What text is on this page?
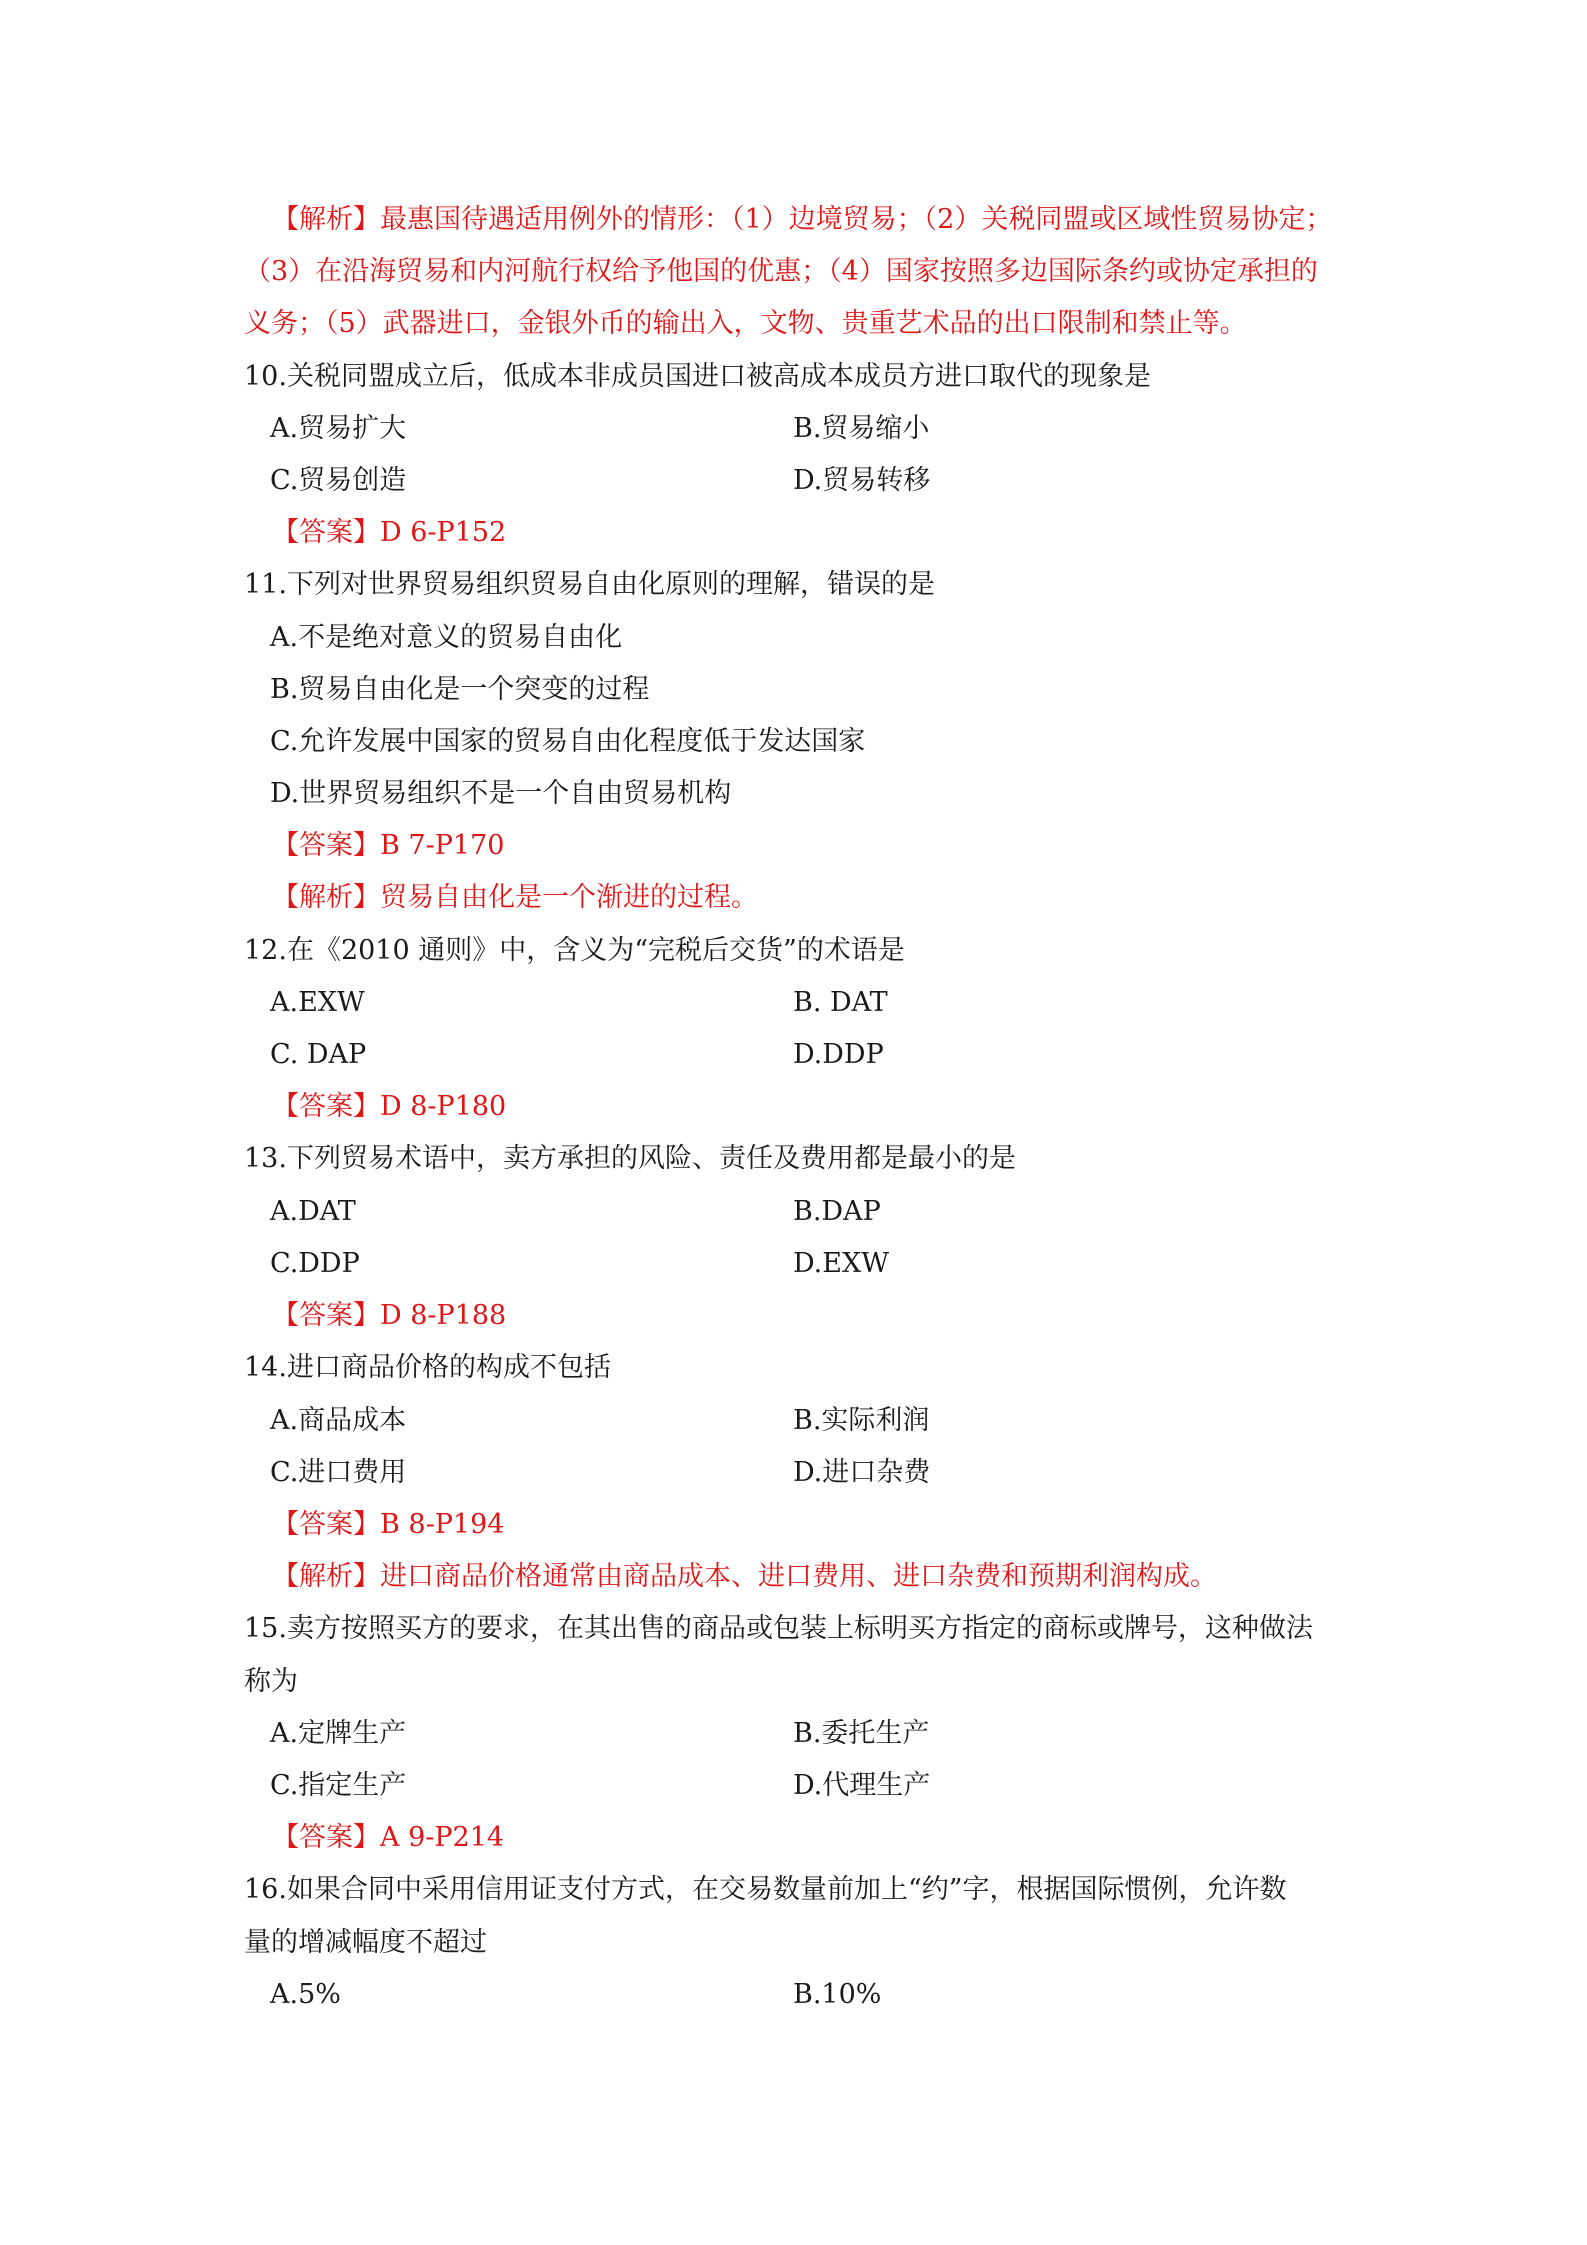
【解析】最惠国待遇适用例外的情形：（1）边境贸易；（2）关税同盟或区域性贸易协定；
（3）在沿海贸易和内河航行权给予他国的优惠；（4）国家按照多边国际条约或协定承担的
义务；（5）武器进口，金银外币的输出入，文物、贵重艺术品的出口限制和禁止等。
10.关税同盟成立后，低成本非成员国进口被高成本成员方进口取代的现象是
A.贸易扩大	B.贸易缩小
C.贸易创造	D.贸易转移
【答案】D 6-P152
11.下列对世界贸易组织贸易自由化原则的理解，错误的是
A.不是绝对意义的贸易自由化
B.贸易自由化是一个突变的过程
C.允许发展中国家的贸易自由化程度低于发达国家
D.世界贸易组织不是一个自由贸易机构
【答案】B 7-P170
【解析】贸易自由化是一个渐进的过程。
12.在《2010 通则》中，含义为“完税后交货”的术语是
A.EXW	B. DAT
C. DAP	D.DDP
【答案】D 8-P180
13.下列贸易术语中，卖方承担的风险、责任及费用都是最小的是
A.DAT	B.DAP
C.DDP	D.EXW
【答案】D 8-P188
14.进口商品价格的构成不包括
A.商品成本	B.实际利润
C.进口费用	D.进口杂费
【答案】B 8-P194
【解析】进口商品价格通常由商品成本、进口费用、进口杂费和预期利润构成。
15.卖方按照买方的要求，在其出售的商品或包装上标明买方指定的商标或牌号，这种做法
称为
A.定牌生产	B.委托生产
C.指定生产	D.代理生产
【答案】A 9-P214
16.如果合同中采用信用证支付方式，在交易数量前加上“约”字，根据国际惯例，允许数
量的增减幅度不超过
A.5%	B.10%
